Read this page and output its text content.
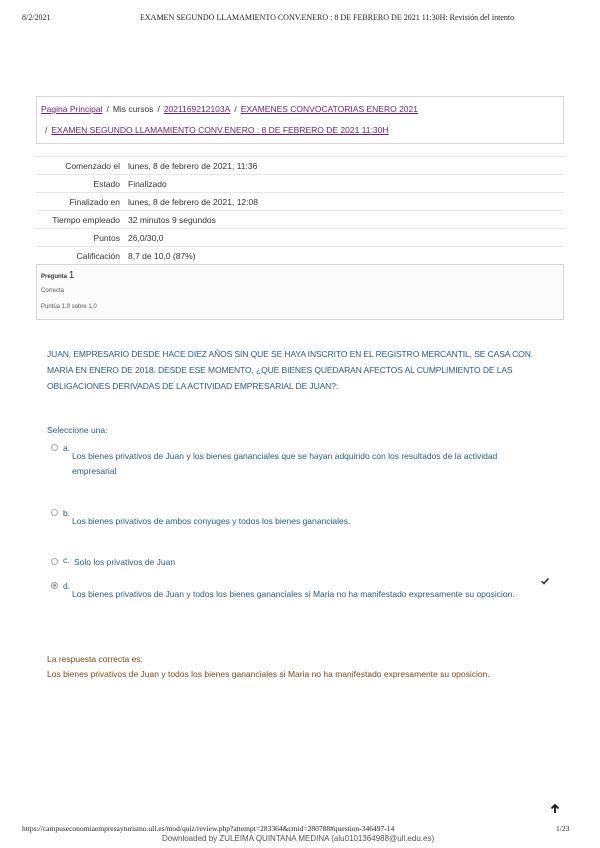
8/2/2021	EXAMEN SEGUNDO LLAMAMIENTO CONV.ENERO : 8 DE FEBRERO DE 2021 11:30H: Revisión del intento
Pagina Principal / Mis cursos / 2021169212103A / EXAMENES CONVOCATORIAS ENERO 2021
/ EXAMEN SEGUNDO LLAMAMIENTO CONV.ENERO : 8 DE FEBRERO DE 2021 11:30H
Comenzado el lunes, 8 de febrero de 2021, 11:36
Estado Finalizado
Finalizado en lunes, 8 de febrero de 2021, 12:08
Tiempo empleado 32 minutos 9 segundos
Puntos 26,0/30,0
Calificación 8,7 de 10,0 (87%)
Pregunta 1
Correcta
Puntúa 1,0 sobre 1,0
JUAN, EMPRESARIO DESDE HACE DIEZ AÑOS SIN QUE SE HAYA INSCRITO EN EL REGISTRO MERCANTIL, SE CASA CON MARIA EN ENERO DE 2018. DESDE ESE MOMENTO, ¿QUE BIENES QUEDARAN AFECTOS AL CUMPLIMIENTO DE LAS OBLIGACIONES DERIVADAS DE LA ACTIVIDAD EMPRESARIAL DE JUAN?:
Seleccione una:
a.
Los bienes privativos de Juan y los bienes gananciales que se hayan adquirido con los resultados de la actividad empresarial
b.
Los bienes privativos de ambos conyuges y todos los bienes gananciales.
c. Solo los privativos de Juan
d.
Los bienes privativos de Juan y todos los bienes gananciales si Maria no ha manifestado expresamente su oposicion.
La respuesta correcta es:
Los bienes privativos de Juan y todos los bienes gananciales si Maria no ha manifestado expresamente su oposicion.
https://campuseconomiaempresayturismo.ull.es/mod/quiz/review.php?attempt=283364&cmid=280788#question-346497-14	1/23
Downloaded by ZULEIMA QUINTANA MEDINA (alu0101364988@ull.edu.es)
